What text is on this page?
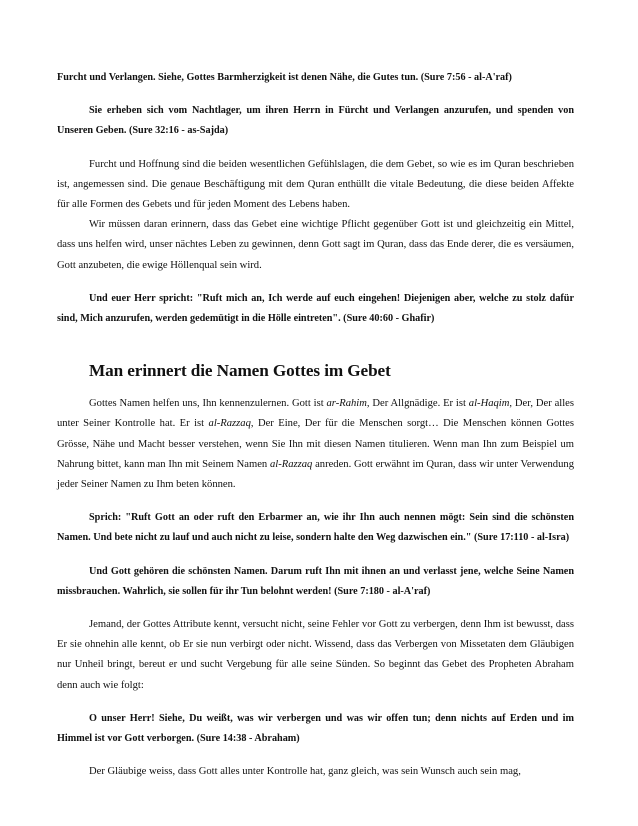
Furcht und Verlangen. Siehe, Gottes Barmherzigkeit ist denen Nähe, die Gutes tun. (Sure 7:56 - al-A'raf)

Sie erheben sich vom Nachtlager, um ihren Herrn in Fürcht und Verlangen anzurufen, und spenden von Unseren Geben. (Sure 32:16 - as-Sajda)

Furcht und Hoffnung sind die beiden wesentlichen Gefühlslagen, die dem Gebet, so wie es im Quran beschrieben ist, angemessen sind. Die genaue Beschäftigung mit dem Quran enthüllt die vitale Bedeutung, die diese beiden Affekte für alle Formen des Gebets und für jeden Moment des Lebens haben.

Wir müssen daran erinnern, dass das Gebet eine wichtige Pflicht gegenüber Gott ist und gleichzeitig ein Mittel, dass uns helfen wird, unser nächtes Leben zu gewinnen, denn Gott sagt im Quran, dass das Ende derer, die es versäumen, Gott anzubeten, die ewige Höllenqual sein wird.

Und euer Herr spricht: "Ruft mich an, Ich werde auf euch eingehen! Diejenigen aber, welche zu stolz dafür sind, Mich anzurufen, werden gedemütigt in die Hölle eintreten". (Sure 40:60 - Ghafir)

Man erinnert die Namen Gottes im Gebet

Gottes Namen helfen uns, Ihn kennenzulernen. Gott ist ar-Rahim, Der Allgnädige. Er ist al-Haqim, Der, Der alles unter Seiner Kontrolle hat. Er ist al-Razzaq, Der Eine, Der für die Menschen sorgt… Die Menschen können Gottes Grösse, Nähe und Macht besser verstehen, wenn Sie Ihn mit diesen Namen titulieren. Wenn man Ihn zum Beispiel um Nahrung bittet, kann man Ihn mit Seinem Namen al-Razzaq anreden. Gott erwähnt im Quran, dass wir unter Verwendung jeder Seiner Namen zu Ihm beten können.

Sprich: "Ruft Gott an oder ruft den Erbarmer an, wie ihr Ihn auch nennen mögt: Sein sind die schönsten Namen. Und bete nicht zu lauf und auch nicht zu leise, sondern halte den Weg dazwischen ein." (Sure 17:110 - al-Isra)

Und Gott gehören die schönsten Namen. Darum ruft Ihn mit ihnen an und verlasst jene, welche Seine Namen missbrauchen. Wahrlich, sie sollen für ihr Tun belohnt werden! (Sure 7:180 - al-A'raf)

Jemand, der Gottes Attribute kennt, versucht nicht, seine Fehler vor Gott zu verbergen, denn Ihm ist bewusst, dass Er sie ohnehin alle kennt, ob Er sie nun verbirgt oder nicht. Wissend, dass das Verbergen von Missetaten dem Gläubigen nur Unheil bringt, bereut er und sucht Vergebung für alle seine Sünden. So beginnt das Gebet des Propheten Abraham denn auch wie folgt:

O unser Herr! Siehe, Du weißt, was wir verbergen und was wir offen tun; denn nichts auf Erden und im Himmel ist vor Gott verborgen. (Sure 14:38 - Abraham)

Der Gläubige weiss, dass Gott alles unter Kontrolle hat, ganz gleich, was sein Wunsch auch sein mag,
